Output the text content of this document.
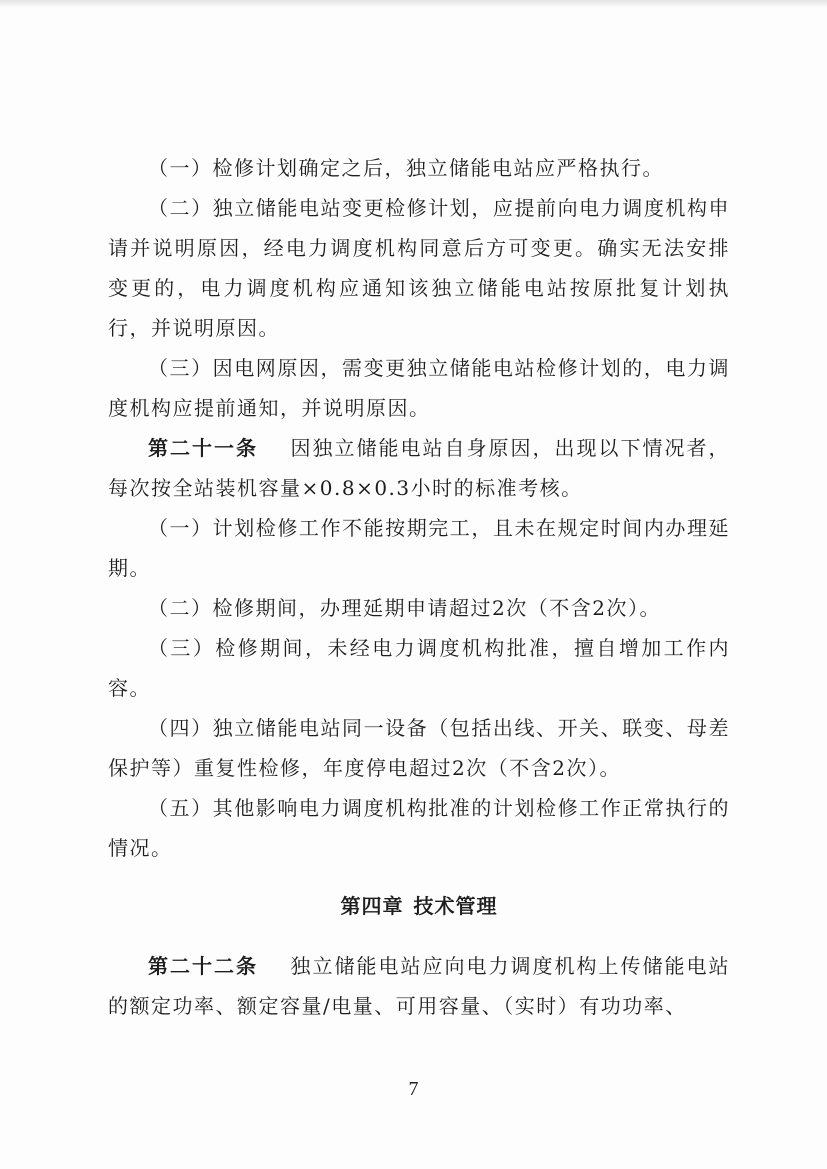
（一）检修计划确定之后，独立储能电站应严格执行。

（二）独立储能电站变更检修计划，应提前向电力调度机构申请并说明原因，经电力调度机构同意后方可变更。确实无法安排变更的，电力调度机构应通知该独立储能电站按原批复计划执行，并说明原因。

（三）因电网原因，需变更独立储能电站检修计划的，电力调度机构应提前通知，并说明原因。

第二十一条 因独立储能电站自身原因，出现以下情况者，每次按全站装机容量×0.8×0.3小时的标准考核。

（一）计划检修工作不能按期完工，且未在规定时间内办理延期。

（二）检修期间，办理延期申请超过2次（不含2次）。

（三）检修期间，未经电力调度机构批准，擅自增加工作内容。

（四）独立储能电站同一设备（包括出线、开关、联变、母差保护等）重复性检修，年度停电超过2次（不含2次）。

（五）其他影响电力调度机构批准的计划检修工作正常执行的情况。

第四章 技术管理

第二十二条 独立储能电站应向电力调度机构上传储能电站的额定功率、额定容量/电量、可用容量、（实时）有功功率、

7
